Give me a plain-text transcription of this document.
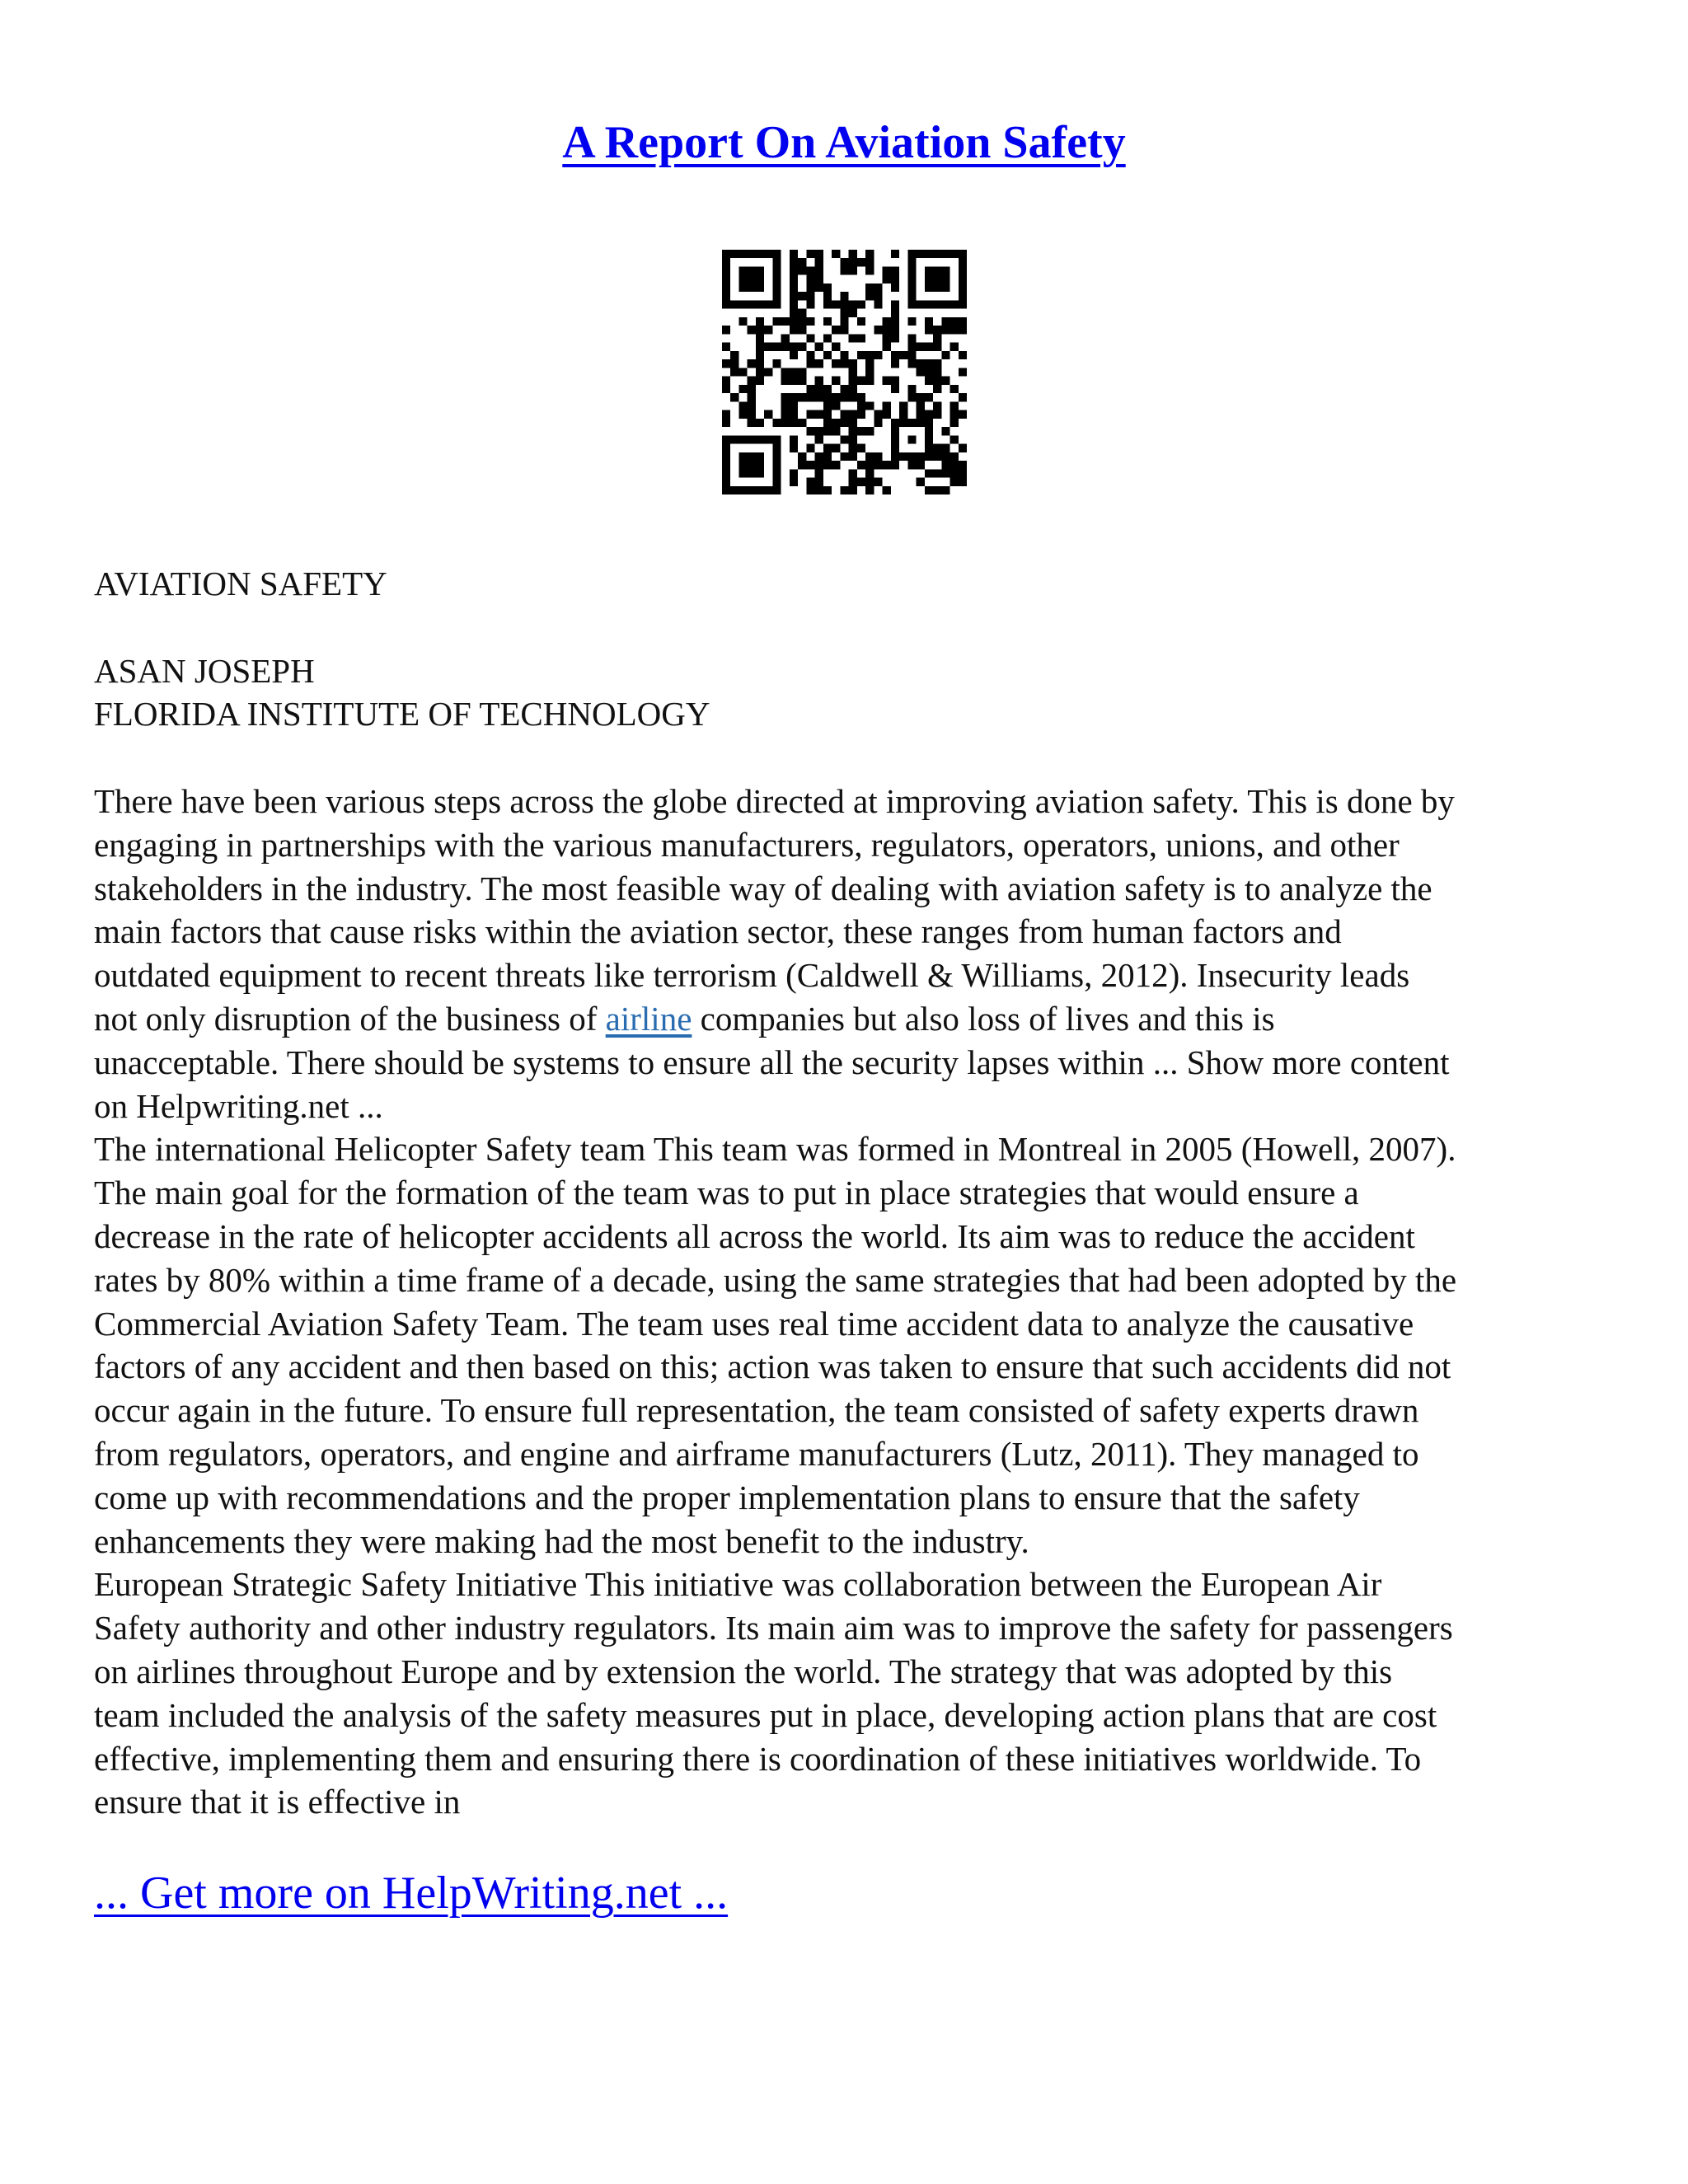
A Report On Aviation Safety
AVIATION SAFETY
ASAN JOSEPH
FLORIDA INSTITUTE OF TECHNOLOGY
There have been various steps across the globe directed at improving aviation safety. This is done by
engaging in partnerships with the various manufacturers, regulators, operators, unions, and other
stakeholders in the industry. The most feasible way of dealing with aviation safety is to analyze the
main factors that cause risks within the aviation sector, these ranges from human factors and
outdated equipment to recent threats like terrorism (Caldwell & Williams, 2012). Insecurity leads
not only disruption of the business of airline companies but also loss of lives and this is
unacceptable. There should be systems to ensure all the security lapses within ... Show more content
on Helpwriting.net ...
The international Helicopter Safety team This team was formed in Montreal in 2005 (Howell, 2007).
The main goal for the formation of the team was to put in place strategies that would ensure a
decrease in the rate of helicopter accidents all across the world. Its aim was to reduce the accident
rates by 80% within a time frame of a decade, using the same strategies that had been adopted by the
Commercial Aviation Safety Team. The team uses real time accident data to analyze the causative
factors of any accident and then based on this; action was taken to ensure that such accidents did not
occur again in the future. To ensure full representation, the team consisted of safety experts drawn
from regulators, operators, and engine and airframe manufacturers (Lutz, 2011). They managed to
come up with recommendations and the proper implementation plans to ensure that the safety
enhancements they were making had the most benefit to the industry.
European Strategic Safety Initiative This initiative was collaboration between the European Air
Safety authority and other industry regulators. Its main aim was to improve the safety for passengers
on airlines throughout Europe and by extension the world. The strategy that was adopted by this
team included the analysis of the safety measures put in place, developing action plans that are cost
effective, implementing them and ensuring there is coordination of these initiatives worldwide. To
ensure that it is effective in
... Get more on HelpWriting.net ...
